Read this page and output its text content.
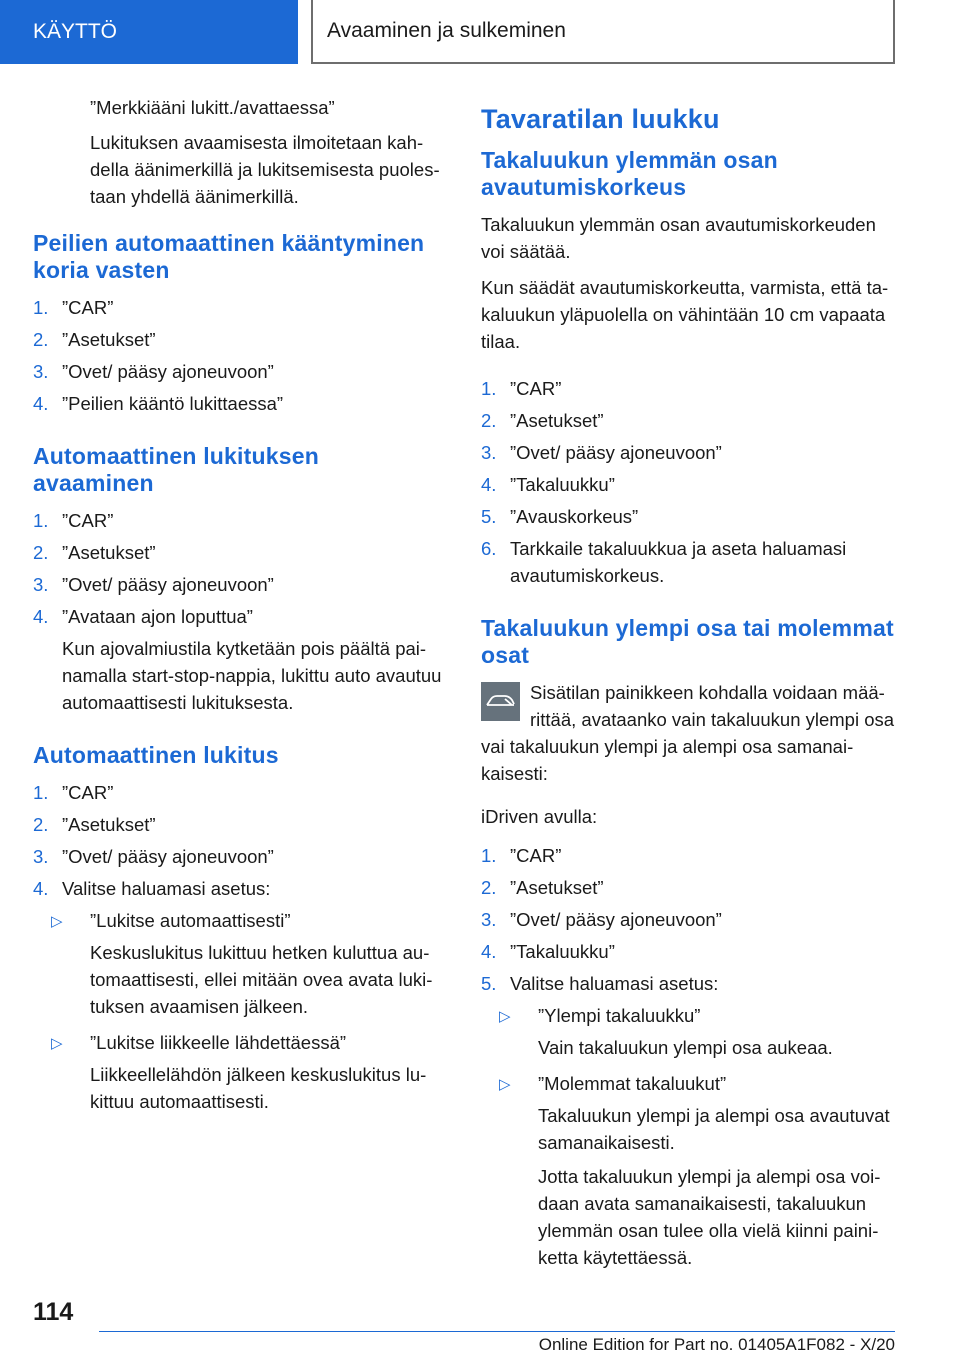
KÄYTTÖ	Avaaminen ja sulkeminen

”Merkkiääni lukitt./avattaessa”

Lukituksen avaamisesta ilmoitetaan kahdella äänimerkillä ja lukitsemisesta puolestaan yhdellä äänimerkillä.

Peilien automaattinen kääntyminen koria vasten
1. ”CAR”
2. ”Asetukset”
3. ”Ovet/ pääsy ajoneuvoon”
4. ”Peilien kääntö lukittaessa”
Automaattinen lukituksen avaaminen
1. ”CAR”
2. ”Asetukset”
3. ”Ovet/ pääsy ajoneuvoon”
4. ”Avataan ajon loputtua”

Kun ajovalmiustila kytketään pois päältä painamalla start-stop-nappia, lukittu auto avautuu automaattisesti lukituksesta.

Automaattinen lukitus
1. ”CAR”
2. ”Asetukset”
3. ”Ovet/ pääsy ajoneuvoon”
4. Valitse haluamasi asetus:
▷ ”Lukitse automaattisesti”

Keskuslukitus lukittuu hetken kuluttua automaattisesti, ellei mitään ovea avata lukituksen avaamisen jälkeen.

▷ ”Lukitse liikkeelle lähdettäessä”

Liikkeellelähdön jälkeen keskuslukitus lukittuu automaattisesti.

Tavaratilan luukku
Takaluukun ylemmän osan avautumiskorkeus

Takaluukun ylemmän osan avautumiskorkeuden voi säätää.

Kun säädät avautumiskorkeutta, varmista, että takaluukun yläpuolella on vähintään 10 cm vapaata tilaa.

1. ”CAR”
2. ”Asetukset”
3. ”Ovet/ pääsy ajoneuvoon”
4. ”Takaluukku”
5. ”Avauskorkeus”
6. Tarkkaile takaluukkua ja aseta haluamasi avautumiskorkeus.
Takaluukun ylempi osa tai molemmat osat

Sisätilan painikkeen kohdalla voidaan määrittää, avataanko vain takaluukun ylempi osa vai takaluukun ylempi ja alempi osa samanaikaisesti:

iDriven avulla:

1. ”CAR”
2. ”Asetukset”
3. ”Ovet/ pääsy ajoneuvoon”
4. ”Takaluukku”
5. Valitse haluamasi asetus:
▷ ”Ylempi takaluukku”

Vain takaluukun ylempi osa aukeaa.

▷ ”Molemmat takaluukut”

Takaluukun ylempi ja alempi osa avautuvat samanaikaisesti.

Jotta takaluukun ylempi ja alempi osa voidaan avata samanaikaisesti, takaluukun ylemmän osan tulee olla vielä kiinni painiketta käytettäessä.

114
Online Edition for Part no. 01405A1F082 - X/20
